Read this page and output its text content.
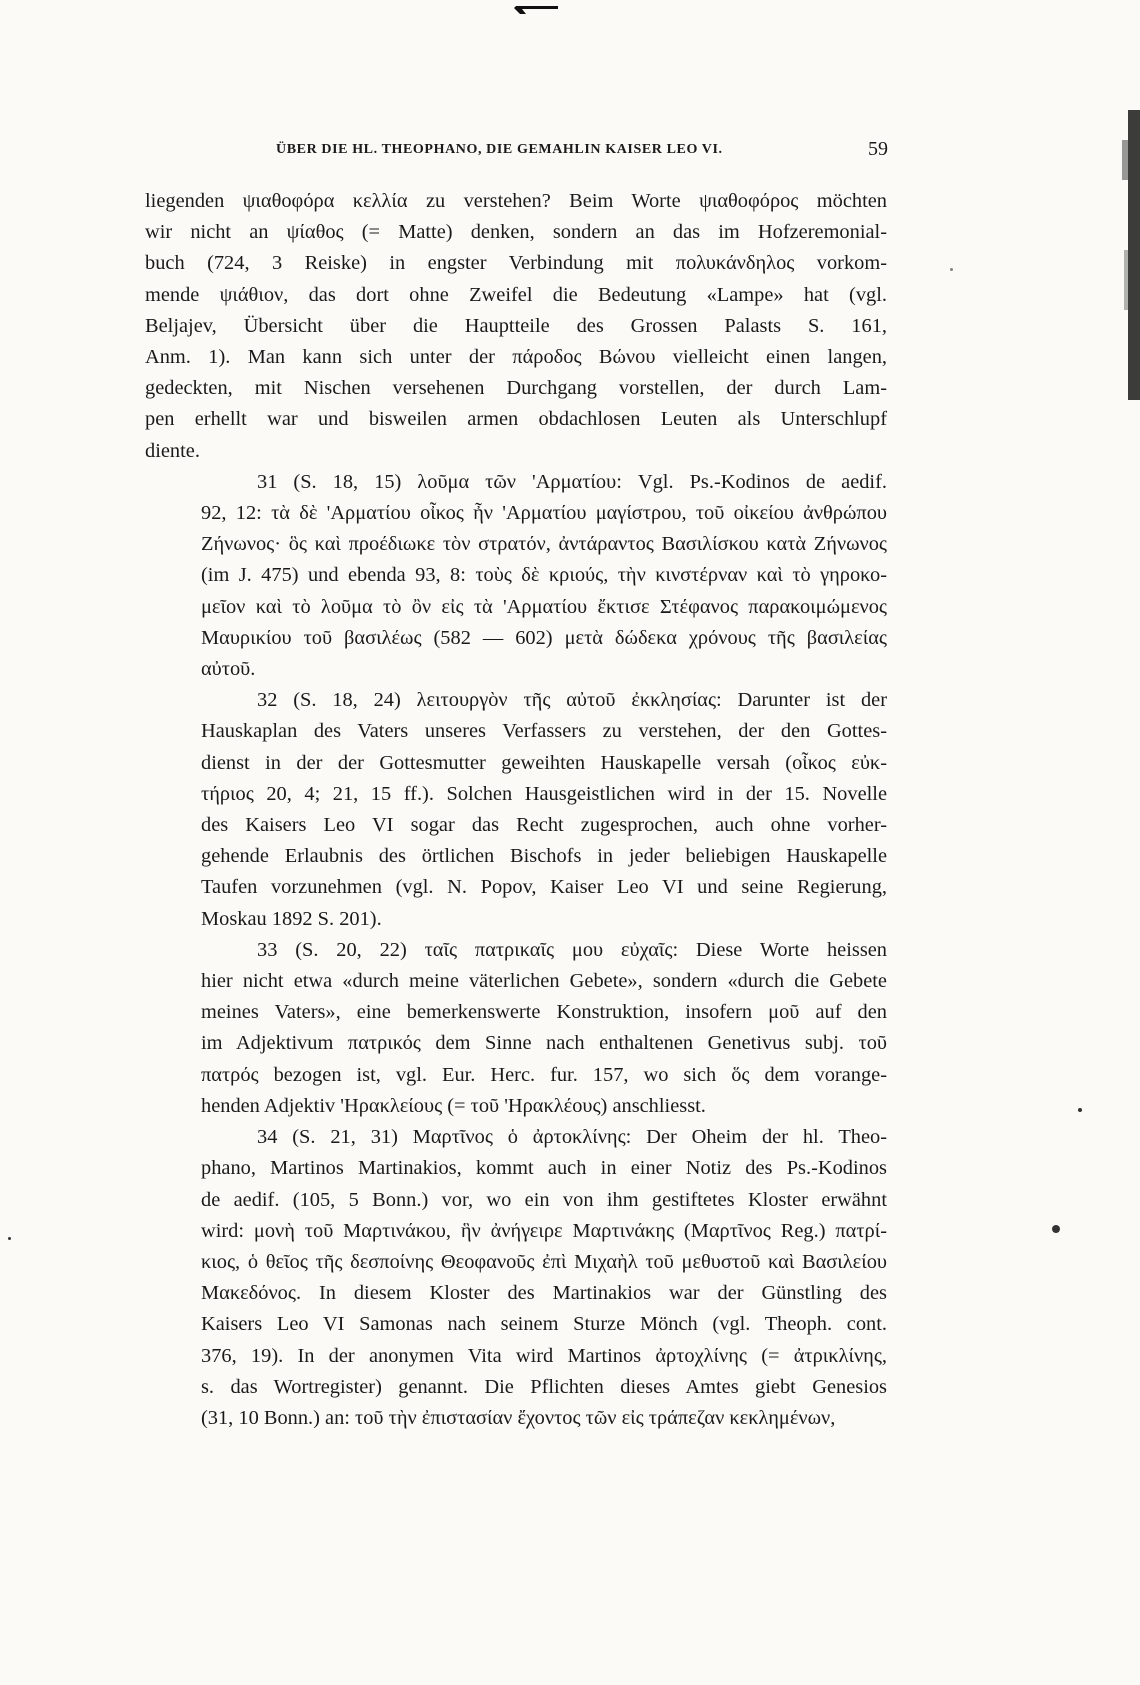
ÜBER DIE HL. THEOPHANO, DIE GEMAHLIN KAISER LEO VI.	59
liegenden ψιαθοφόρα κελλία zu verstehen? Beim Worte ψιαθοφόρος möchten
wir nicht an ψίαθος (= Matte) denken, sondern an das im Hofzeremonial-
buch (724, 3 Reiske) in engster Verbindung mit πολυκάνδηλος vorkom-
mende ψιάθιον, das dort ohne Zweifel die Bedeutung «Lampe» hat (vgl.
Beljajev, Übersicht über die Hauptteile des Grossen Palasts S. 161,
Anm. 1). Man kann sich unter der πάροδος Βώνου vielleicht einen langen,
gedeckten, mit Nischen versehenen Durchgang vorstellen, der durch Lam-
pen erhellt war und bisweilen armen obdachlosen Leuten als Unterschlupf
diente.
31 (S. 18, 15) λοῦμα τῶν 'Αρματίου: Vgl. Ps.-Kodinos de aedif.
92, 12: τὰ δὲ 'Αρματίου οἶκος ἦν 'Αρματίου μαγίστρου, τοῦ οἰκείου ἀνθρώπου
Ζήνωνος· ὃς καὶ προέδιωκε τὸν στρατόν, ἀντάραντος Βασιλίσκου κατὰ Ζήνωνος
(im J. 475) und ebenda 93, 8: τοὺς δὲ κριούς, τὴν κινστέρναν καὶ τὸ γηροκο-
μεῖον καὶ τὸ λοῦμα τὸ ὂν εἰς τὰ 'Αρματίου ἔκτισε Στέφανος παρακοιμώμενος
Μαυρικίου τοῦ βασιλέως (582 — 602) μετὰ δώδεκα χρόνους τῆς βασιλείας
αὐτοῦ.
32 (S. 18, 24) λειτουργὸν τῆς αὐτοῦ ἐκκλησίας: Darunter ist der
Hauskaplan des Vaters unseres Verfassers zu verstehen, der den Gottes-
dienst in der der Gottesmutter geweihten Hauskapelle versah (οἶκος εὐκ-
τήριος 20, 4; 21, 15 ff.). Solchen Hausgeistlichen wird in der 15. Novelle
des Kaisers Leo VI sogar das Recht zugesprochen, auch ohne vorher-
gehende Erlaubnis des örtlichen Bischofs in jeder beliebigen Hauskapelle
Taufen vorzunehmen (vgl. N. Popov, Kaiser Leo VI und seine Regierung,
Moskau 1892 S. 201).
33 (S. 20, 22) ταῖς πατρικαῖς μου εὐχαῖς: Diese Worte heissen
hier nicht etwa «durch meine väterlichen Gebete», sondern «durch die Gebete
meines Vaters», eine bemerkenswerte Konstruktion, insofern μοῦ auf den
im Adjektivum πατρικός dem Sinne nach enthaltenen Genetivus subj. τοῦ
πατρός bezogen ist, vgl. Eur. Herc. fur. 157, wo sich ὅς dem vorange-
henden Adjektiv 'Ηρακλείους (= τοῦ 'Ηρακλέους) anschliesst.
34 (S. 21, 31) Μαρτῖνος ὁ ἀρτοκλίνης: Der Oheim der hl. Theo-
phano, Martinos Martinakios, kommt auch in einer Notiz des Ps.-Kodinos
de aedif. (105, 5 Bonn.) vor, wo ein von ihm gestiftetes Kloster erwähnt
wird: μονὴ τοῦ Μαρτινάκου, ἣν ἀνήγειρε Μαρτινάκης (Μαρτῖνος Reg.) πατρί-
κιος, ὁ θεῖος τῆς δεσποίνης Θεοφανοῦς ἐπὶ Μιχαὴλ τοῦ μεθυστοῦ καὶ Βασιλείου
Μακεδόνος. In diesem Kloster des Martinakios war der Günstling des
Kaisers Leo VI Samonas nach seinem Sturze Mönch (vgl. Theoph. cont.
376, 19). In der anonymen Vita wird Martinos ἀρτοχλίνης (= ἀτρικλίνης,
s. das Wortregister) genannt. Die Pflichten dieses Amtes giebt Genesios
(31, 10 Bonn.) an: τοῦ τὴν ἐπιστασίαν ἔχοντος τῶν εἰς τράπεζαν κεκλημένων,
